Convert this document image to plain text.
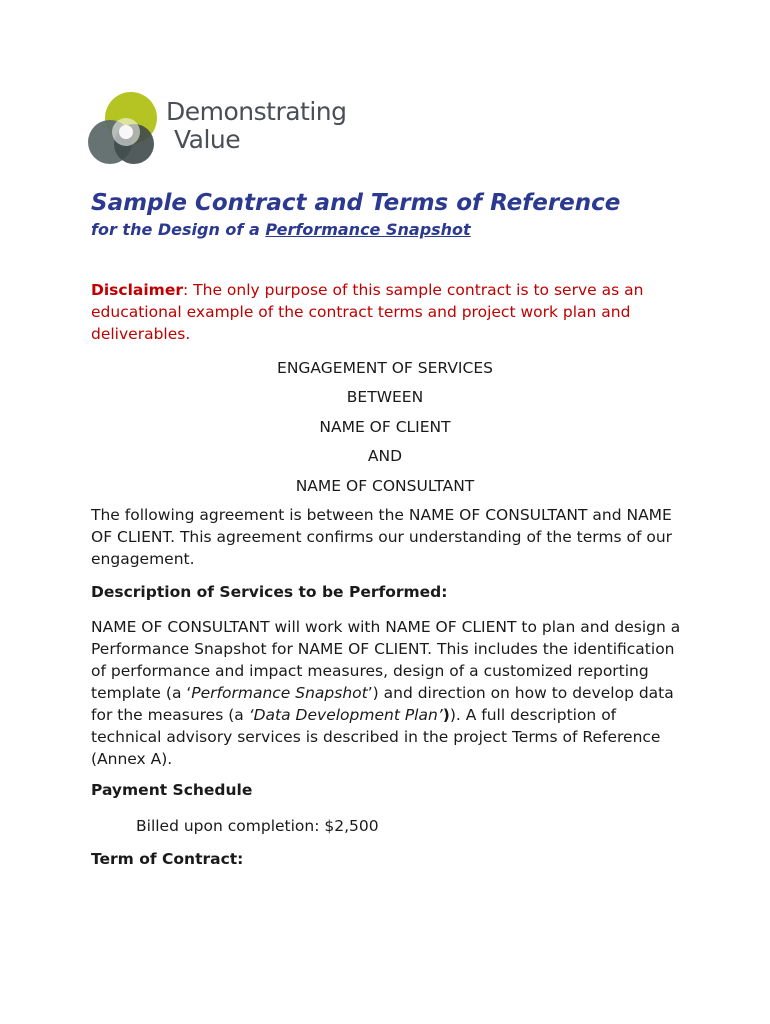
Demonstrating
Value
Sample Contract and Terms of Reference

for the Design of a Performance Snapshot

Disclaimer: The only purpose of this sample contract is to serve as an educational example of the contract terms and project work plan and deliverables.

ENGAGEMENT OF SERVICES
BETWEEN
NAME OF CLIENT
AND
NAME OF CONSULTANT

The following agreement is between the NAME OF CONSULTANT and NAME OF CLIENT. This agreement confirms our understanding of the terms of our engagement.

Description of Services to be Performed:

NAME OF CONSULTANT will work with NAME OF CLIENT to plan and design a Performance Snapshot for NAME OF CLIENT. This includes the identification of performance and impact measures, design of a customized reporting template (a ‘Performance Snapshot’) and direction on how to develop data for the measures (a ‘Data Development Plan’)). A full description of technical advisory services is described in the project Terms of Reference (Annex A).

Payment Schedule

Billed upon completion: $2,500

Term of Contract:
